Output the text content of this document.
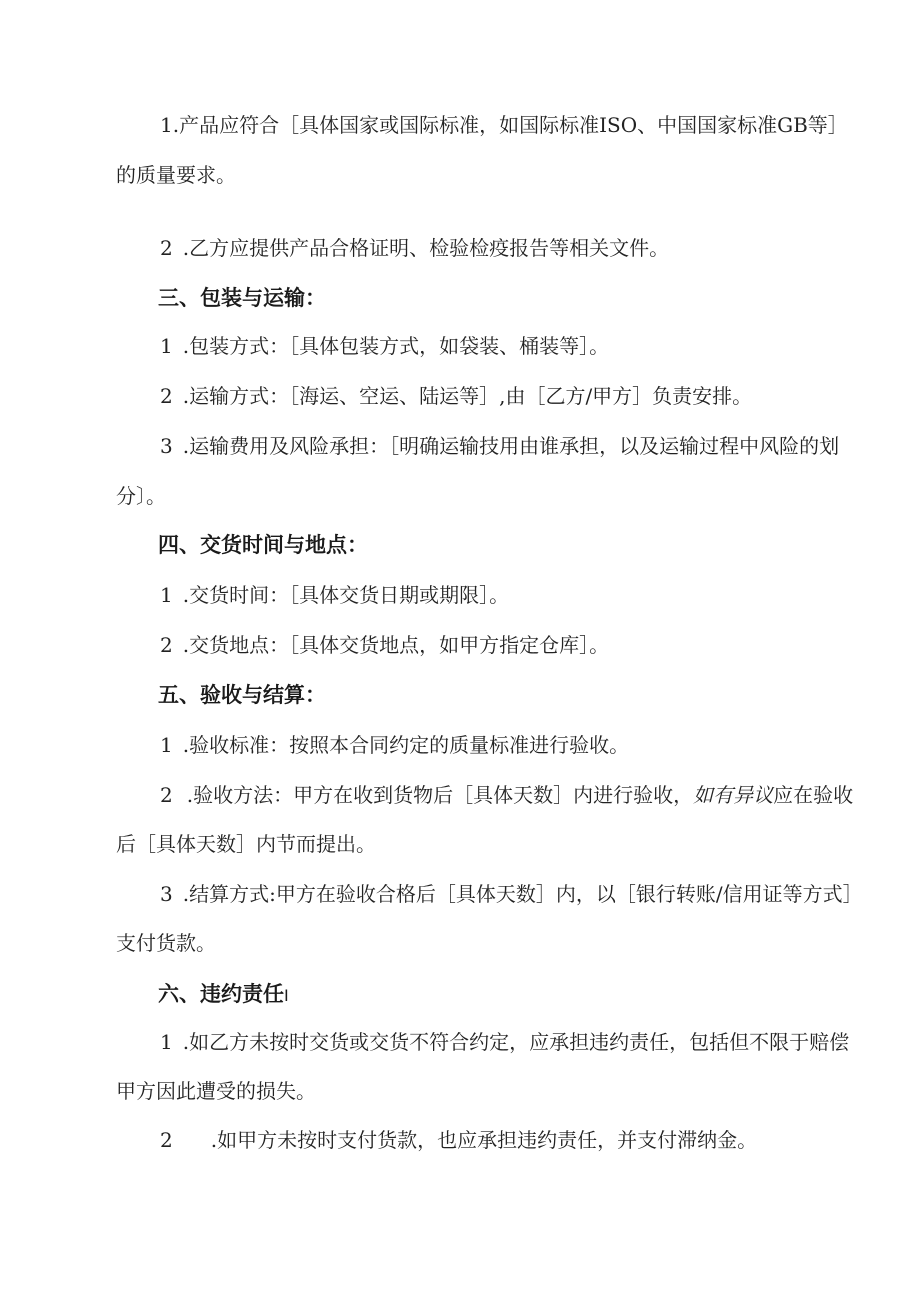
1.产品应符合［具体国家或国际标准，如国际标准ISO、中国国家标准GB等］
的质量要求。
2 .乙方应提供产品合格证明、检验检疫报告等相关文件。
三、包装与运输：
1 .包装方式：［具体包装方式，如袋装、桶装等］。
2 .运输方式：［海运、空运、陆运等］,由［乙方/甲方］负责安排。
3 .运输费用及风险承担：［明确运输技用由谁承担，以及运输过程中风险的划
分〕。
四、交货时间与地点：
1 .交货时间：［具体交货日期或期限］。
2 .交货地点：［具体交货地点，如甲方指定仓库］。
五、验收与结算：
1 .验收标准：按照本合同约定的质量标准进行验收。
2 .验收方法：甲方在收到货物后［具体天数］内进行验收，如有异议应在验收
后［具体天数］内节而提出。
3 .结算方式:甲方在验收合格后［具体天数］内，以［银行转账/信用证等方式］
支付货款。
六、违约责任I
1 .如乙方未按时交货或交货不符合约定，应承担违约责任，包括但不限于赔偿
甲方因此遭受的损失。
2 .如甲方未按时支付货款，也应承担违约责任，并支付滞纳金。
